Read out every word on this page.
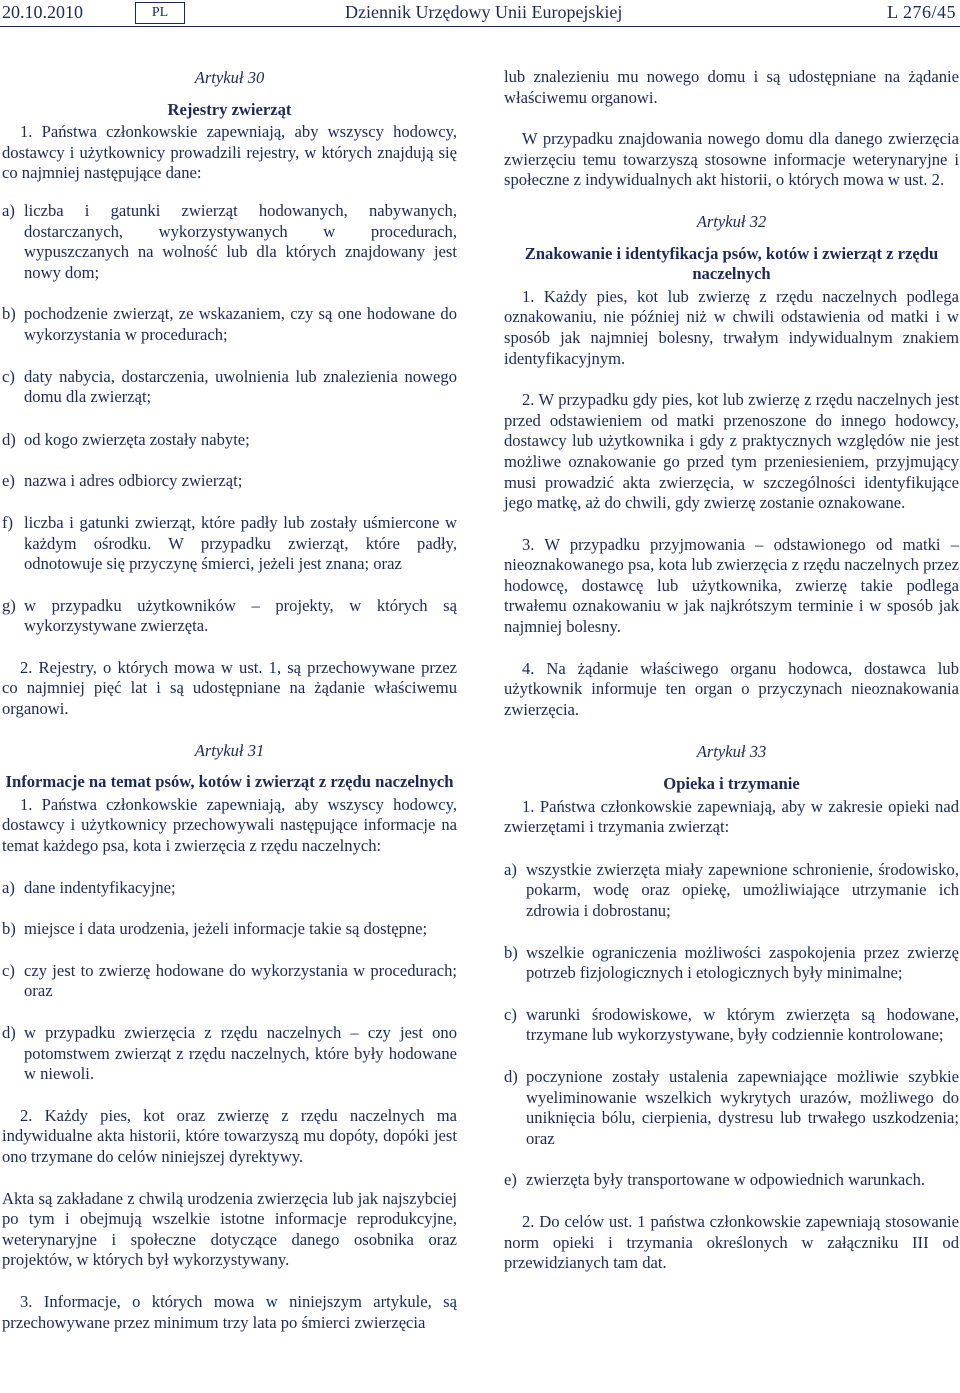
20.10.2010	PL	Dziennik Urzędowy Unii Europejskiej	L 276/45
Artykuł 30
Rejestry zwierząt

1. Państwa członkowskie zapewniają, aby wszyscy hodowcy, dostawcy i użytkownicy prowadzili rejestry, w których znajdują się co najmniej następujące dane:

a) liczba i gatunki zwierząt hodowanych, nabywanych, dostarczanych, wykorzystywanych w procedurach, wypuszczanych na wolność lub dla których znajdowany jest nowy dom;
b) pochodzenie zwierząt, ze wskazaniem, czy są one hodowane do wykorzystania w procedurach;
c) daty nabycia, dostarczenia, uwolnienia lub znalezienia nowego domu dla zwierząt;
d) od kogo zwierzęta zostały nabyte;
e) nazwa i adres odbiorcy zwierząt;
f) liczba i gatunki zwierząt, które padły lub zostały uśmiercone w każdym ośrodku. W przypadku zwierząt, które padły, odnotowuje się przyczynę śmierci, jeżeli jest znana; oraz
g) w przypadku użytkowników – projekty, w których są wykorzystywane zwierzęta.

2. Rejestry, o których mowa w ust. 1, są przechowywane przez co najmniej pięć lat i są udostępniane na żądanie właściwemu organowi.

Artykuł 31
Informacje na temat psów, kotów i zwierząt z rzędu naczelnych

1. Państwa członkowskie zapewniają, aby wszyscy hodowcy, dostawcy i użytkownicy przechowywali następujące informacje na temat każdego psa, kota i zwierzęcia z rzędu naczelnych:

a) dane indentyfikacyjne;
b) miejsce i data urodzenia, jeżeli informacje takie są dostępne;
c) czy jest to zwierzę hodowane do wykorzystania w procedurach; oraz
d) w przypadku zwierzęcia z rzędu naczelnych – czy jest ono potomstwem zwierząt z rzędu naczelnych, które były hodowane w niewoli.

2. Każdy pies, kot oraz zwierzę z rzędu naczelnych ma indywidualne akta historii, które towarzyszą mu dopóty, dopóki jest ono trzymane do celów niniejszej dyrektywy.

Akta są zakładane z chwilą urodzenia zwierzęcia lub jak najszybciej po tym i obejmują wszelkie istotne informacje reprodukcyjne, weterynaryjne i społeczne dotyczące danego osobnika oraz projektów, w których był wykorzystywany.

3. Informacje, o których mowa w niniejszym artykule, są przechowywane przez minimum trzy lata po śmierci zwierzęcia

lub znalezieniu mu nowego domu i są udostępniane na żądanie właściwemu organowi.

W przypadku znajdowania nowego domu dla danego zwierzęcia zwierzęciu temu towarzyszą stosowne informacje weterynaryjne i społeczne z indywidualnych akt historii, o których mowa w ust. 2.

Artykuł 32
Znakowanie i identyfikacja psów, kotów i zwierząt z rzędu naczelnych

1. Każdy pies, kot lub zwierzę z rzędu naczelnych podlega oznakowaniu, nie później niż w chwili odstawienia od matki i w sposób jak najmniej bolesny, trwałym indywidualnym znakiem identyfikacyjnym.

2. W przypadku gdy pies, kot lub zwierzę z rzędu naczelnych jest przed odstawieniem od matki przenoszone do innego hodowcy, dostawcy lub użytkownika i gdy z praktycznych względów nie jest możliwe oznakowanie go przed tym przeniesieniem, przyjmujący musi prowadzić akta zwierzęcia, w szczególności identyfikujące jego matkę, aż do chwili, gdy zwierzę zostanie oznakowane.

3. W przypadku przyjmowania – odstawionego od matki – nieoznakowanego psa, kota lub zwierzęcia z rzędu naczelnych przez hodowcę, dostawcę lub użytkownika, zwierzę takie podlega trwałemu oznakowaniu w jak najkrótszym terminie i w sposób jak najmniej bolesny.

4. Na żądanie właściwego organu hodowca, dostawca lub użytkownik informuje ten organ o przyczynach nieoznakowania zwierzęcia.

Artykuł 33
Opieka i trzymanie

1. Państwa członkowskie zapewniają, aby w zakresie opieki nad zwierzętami i trzymania zwierząt:

a) wszystkie zwierzęta miały zapewnione schronienie, środowisko, pokarm, wodę oraz opiekę, umożliwiające utrzymanie ich zdrowia i dobrostanu;
b) wszelkie ograniczenia możliwości zaspokojenia przez zwierzę potrzeb fizjologicznych i etologicznych były minimalne;
c) warunki środowiskowe, w którym zwierzęta są hodowane, trzymane lub wykorzystywane, były codziennie kontrolowane;
d) poczynione zostały ustalenia zapewniające możliwie szybkie wyeliminowanie wszelkich wykrytych urazów, możliwego do uniknięcia bólu, cierpienia, dystresu lub trwałego uszkodzenia; oraz
e) zwierzęta były transportowane w odpowiednich warunkach.

2. Do celów ust. 1 państwa członkowskie zapewniają stosowanie norm opieki i trzymania określonych w załączniku III od przewidzianych tam dat.
